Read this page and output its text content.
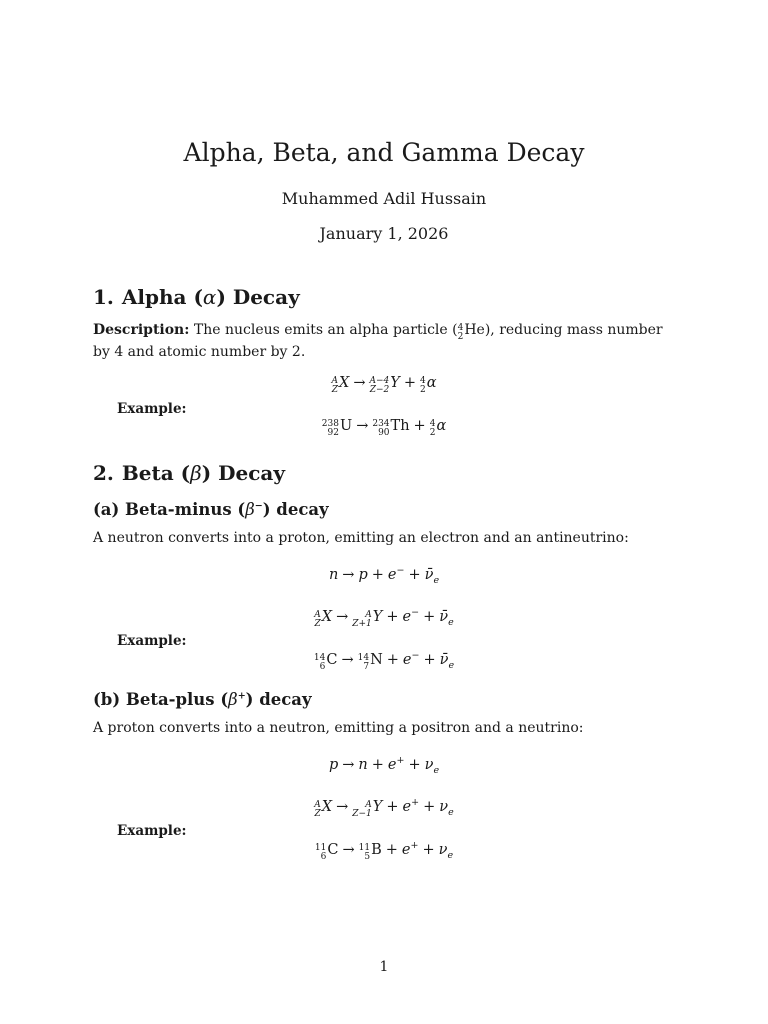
Alpha, Beta, and Gamma Decay
Muhammed Adil Hussain
January 1, 2026
1. Alpha (α) Decay
Description: The nucleus emits an alpha particle ( 4
2 He), reducing mass number by 4 and atomic number by 2.
A
Z X → A−4
Z−2 Y + 4
2 α
Example:
238
92 U → 234
90 Th + 4
2 α
2. Beta (β) Decay
(a) Beta-minus (β−) decay
A neutron converts into a proton, emitting an electron and an antineutrino:
$n \to p + e^- + \nū_e$
A
Z X →	A
Z+1 $Y + e^- + \nū_e$
Example:
14
6 C → 14
7 $N + e^- + \nū_e$
(b) Beta-plus (β+) decay
A proton converts into a neutron, emitting a positron and a neutrino:
$p \to n + e^+ + \nu_e$
A
Z X →	A
Z−1 $Y + e^+ + \nu_e$
Example:
11
6 C → 11
5 $B + e^+ + \nu_e$
1
